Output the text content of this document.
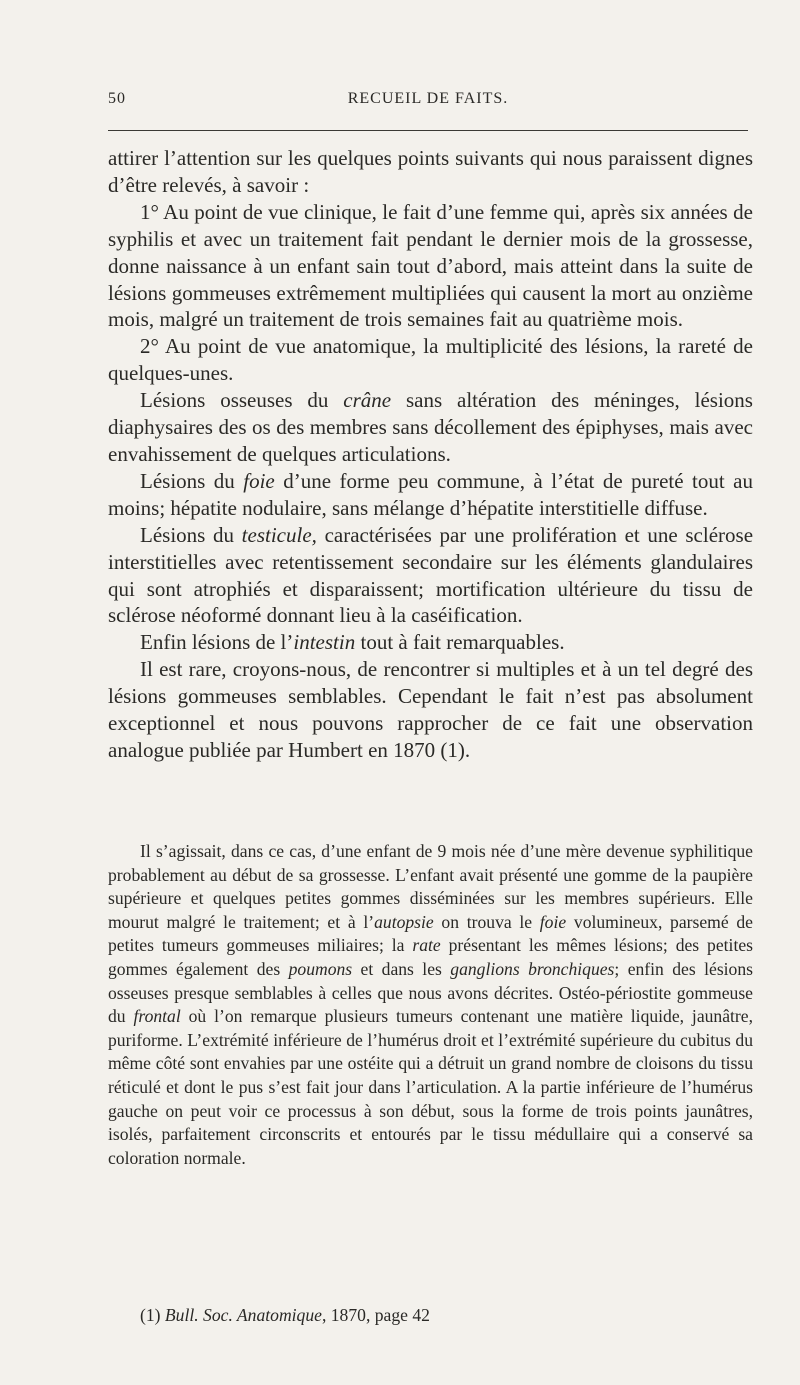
50	RECUEIL DE FAITS.

attirer l’attention sur les quelques points suivants qui nous paraissent dignes d’être relevés, à savoir :

1° Au point de vue clinique, le fait d’une femme qui, après six années de syphilis et avec un traitement fait pendant le dernier mois de la grossesse, donne naissance à un enfant sain tout d’abord, mais atteint dans la suite de lésions gommeuses extrêmement multipliées qui causent la mort au onzième mois, malgré un traitement de trois semaines fait au quatrième mois.

2° Au point de vue anatomique, la multiplicité des lésions, la rareté de quelques-unes.

Lésions osseuses du crâne sans altération des méninges, lésions diaphysaires des os des membres sans décollement des épiphyses, mais avec envahissement de quelques articulations.

Lésions du foie d’une forme peu commune, à l’état de pureté tout au moins; hépatite nodulaire, sans mélange d’hépatite interstitielle diffuse.

Lésions du testicule, caractérisées par une prolifération et une sclérose interstitielles avec retentissement secondaire sur les éléments glandulaires qui sont atrophiés et disparaissent; mortification ultérieure du tissu de sclérose néoformé donnant lieu à la caséification.

Enfin lésions de l’intestin tout à fait remarquables.

Il est rare, croyons-nous, de rencontrer si multiples et à un tel degré des lésions gommeuses semblables. Cependant le fait n’est pas absolument exceptionnel et nous pouvons rapprocher de ce fait une observation analogue publiée par Humbert en 1870 (1).

Il s’agissait, dans ce cas, d’une enfant de 9 mois née d’une mère devenue syphilitique probablement au début de sa grossesse. L’enfant avait présenté une gomme de la paupière supérieure et quelques petites gommes disséminées sur les membres supérieurs. Elle mourut malgré le traitement; et à l’autopsie on trouva le foie volumineux, parsemé de petites tumeurs gommeuses miliaires; la rate présentant les mêmes lésions; des petites gommes également des poumons et dans les ganglions bronchiques; enfin des lésions osseuses presque semblables à celles que nous avons décrites. Ostéo-périostite gommeuse du frontal où l’on remarque plusieurs tumeurs contenant une matière liquide, jaunâtre, puriforme. L’extrémité inférieure de l’humérus droit et l’extrémité supérieure du cubitus du même côté sont envahies par une ostéite qui a détruit un grand nombre de cloisons du tissu réticulé et dont le pus s’est fait jour dans l’articulation. A la partie inférieure de l’humérus gauche on peut voir ce processus à son début, sous la forme de trois points jaunâtres, isolés, parfaitement circonscrits et entourés par le tissu médullaire qui a conservé sa coloration normale.

(1) Bull. Soc. Anatomique, 1870, page 42
